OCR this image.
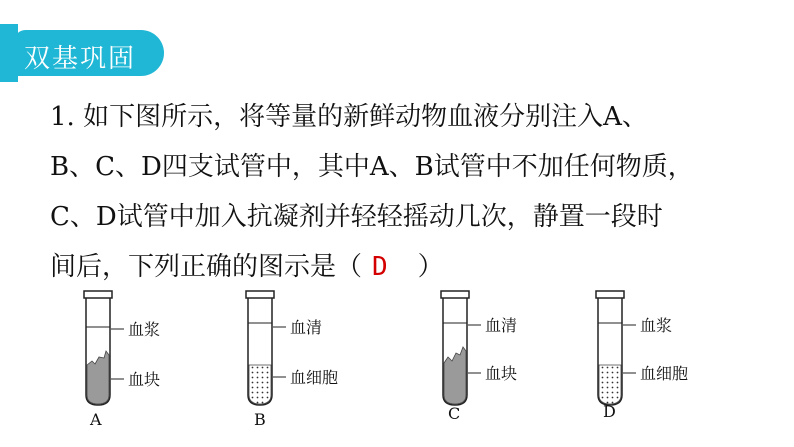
双基巩固
1. 如下图所示，将等量的新鲜动物血液分别注入A、
B、C、D四支试管中，其中A、B试管中不加任何物质，
C、D试管中加入抗凝剂并轻轻摇动几次，静置一段时
间后，下列正确的图示是（ D ）
血浆
血块
A
血清
血细胞
B
血清
血块
C
血浆
血细胞
D
